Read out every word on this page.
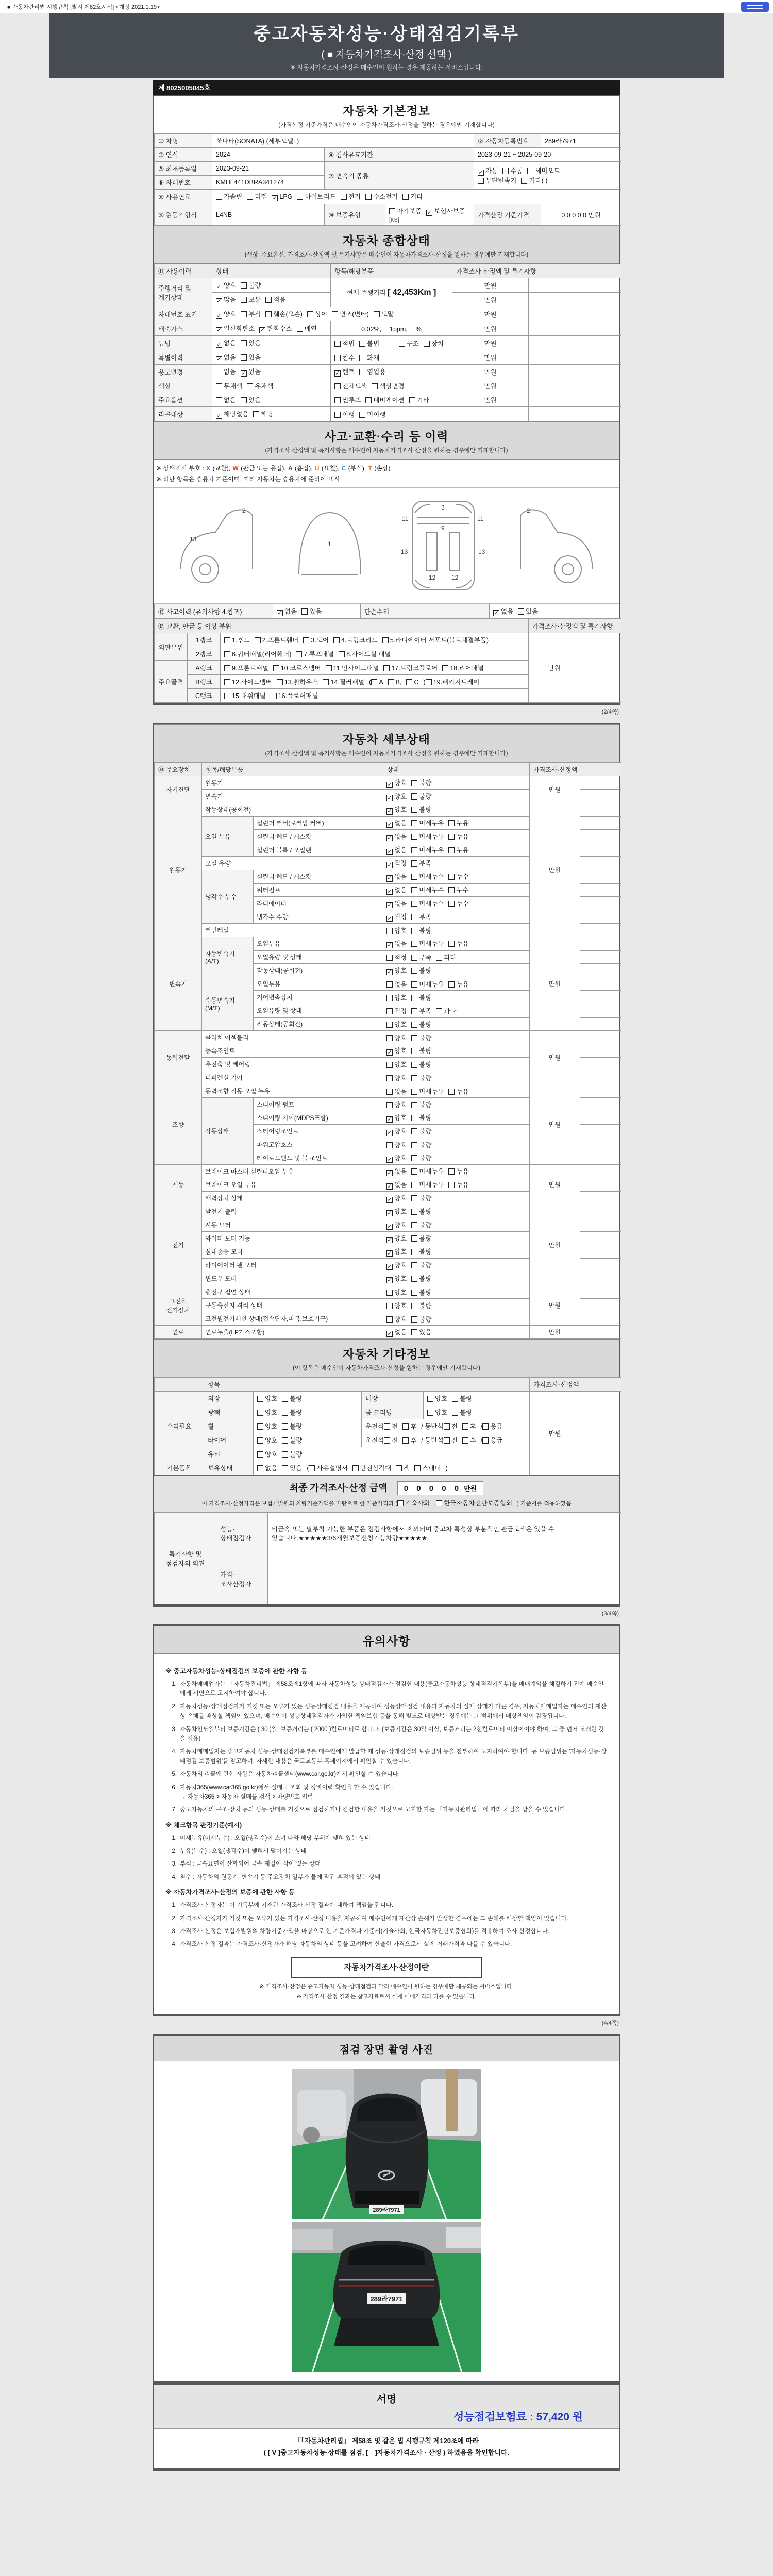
■ 자동차관리법 시행규칙 [별지 제82호서식] <개정 2021.1.19>
중고자동차성능·상태점검기록부
( ■ 자동차가격조사·산정 선택 )
※ 자동차가격조사·산정은 매수인이 원하는 경우 제공하는 서비스입니다.
제 8025005045호
자동차 기본정보
(가격산정 기준가격은 매수인이 자동차가격조사·산정을 원하는 경우에만 기재합니다)
① 차명	쏘나타(SONATA) (세부모델: )			② 자동차등록번호	289라7971
③ 연식	2024	④ 검사유효기간		2023-09-21 ~ 2025-09-20	
⑤ 최초등록일	2023-09-21	⑦ 변속기 종류		✓ 자동 수동 세미오토
무단변속기 기타( )	

⑥ 차대번호	KMHL441DBRA341274				
⑧ 사용연료	가솔린 디젤 ✓ LPG 하이브리드 전기 수소전기 기타				
⑨ 원동기형식	L4NB	⑩ 보증유형	자가보증 ✓ 보험사보증[KB]	가격산정 기준가격	0 0 0 0 0 만원
자동차 종합상태
(색상, 주요옵션, 가격조사·산정액 및 특기사항은 매수인이 자동차가격조사·산정을 원하는 경우에만 기재합니다)
⑪ 사용이력	상태	항목/해당부품	가격조사·산정액 및 특기사항	
주행거리 및 계기상태	✓ 양호 불량	현재 주행거리 [ 42,453Km ]	만원	
	✓ 많음 보통 적음		만원	
차대번호 표기	✓ 양호 부식 훼손(오손) 상이 변조(변타) 도말		만원	
배출가스	✓ 일산화탄소 ✓ 탄화수소 매연	0.02%,　 1ppm,　 %	만원	
튜닝	✓ 없음 있음	적법 불법 구조 장치	만원	
특별이력	✓ 없음 있음	침수 화재	만원	
용도변경	없음 ✓ 있음	✓ 렌트 영업용	만원	
색상	무채색 유채색	전체도색 색상변경	만원	
주요옵션	없음 있음	썬루프 네비게이션 기타	만원	
리콜대상	✓ 해당없음 해당	이행 미이행		
사고·교환·수리 등 이력
(가격조사·산정액 및 특기사항은 매수인이 자동차가격조사·산정을 원하는 경우에만 기재합니다)
※ 상태표시 부호 : X (교환), W (판금 또는 용접), A (흠집), U (요철), C (부식), T (손상)
※ 하단 항목은 승용차 기준이며, 기타 자동차는 승용차에 준하여 표시
2
13
1
3
9
11	11
13	13
12	12
2
⑫ 사고이력 (유의사항 4.참조)	✓ 없음 있음	단순수리	✓ 없음 있음
⑬ 교환, 판금 등 이상 부위			가격조사·산정액 및 특기사항	
외판부위	1랭크	1.후드 2.프론트휀더 3.도어 4.트렁크리드 5.라디에이터 서포트(볼트체결부품)	만원	
	2랭크	6.쿼터패널(리어휀더) 7.루프패널 8.사이드실 패널		
주요골격	A랭크	9.프론트패널 10.크로스멤버 11.인사이드패널 17.트렁크플로어 18.리어패널		
	B랭크	12.사이드멤버 13.휠하우스 14.필러패널 ( A B, C ) 19.패키지트레이		
	C랭크	15.대쉬패널 16.플로어패널		
(2/4쪽)
자동차 세부상태
(가격조사·산정액 및 특기사항은 매수인이 자동차가격조사·산정을 원하는 경우에만 기재합니다)
⑭ 주요장치	항목/해당부품		상태	가격조사·산정액	
자기진단	원동기		✓ 양호 불량	만원	
	변속기		✓ 양호 불량		
원동기	작동상태(공회전)		✓ 양호 불량	만원	
	오일 누유	실린더 커버(로커암 커버)	✓ 없음 미세누유 누유		
		실린더 헤드 / 개스킷	✓ 없음 미세누유 누유		
		실린더 블록 / 오일팬	✓ 없음 미세누유 누유		
	오일 유량		✓ 적정 부족		
	냉각수 누수	실린더 헤드 / 개스킷	✓ 없음 미세누수 누수		
		워터펌프	✓ 없음 미세누수 누수		
		라디에이터	✓ 없음 미세누수 누수		
		냉각수 수량	✓ 적정 부족		
	커먼레일		양호 불량		
변속기	자동변속기 (A/T)	오일누유	✓ 없음 미세누유 누유	만원	
		오일유량 및 상태	적정 부족 과다		
		작동상태(공회전)	✓ 양호 불량		
	수동변속기 (M/T)	오일누유	없음 미세누유 누유		
		기어변속장치	양호 불량		
		오일유량 및 상태	적정 부족 과다		
		작동상태(공회전)	양호 불량		
동력전달	클러치 어셈블리		양호 불량	만원	
	등속조인트		✓ 양호 불량		
	추진축 및 베어링		양호 불량		
	디퍼렌셜 기어		양호 불량		
조향	동력조향 작동 오일 누유		없음 미세누유 누유	만원	
	작동상태	스티어링 펌프	양호 불량		
		스티어링 기어(MDPS포함)	✓ 양호 불량		
		스티어링조인트	✓ 양호 불량		
		파워고압호스	양호 불량		
		타이로드엔드 및 볼 조인트	✓ 양호 불량		
제동	브레이크 마스터 실린더오일 누유		✓ 없음 미세누유 누유	만원	
	브레이크 오일 누유		✓ 없음 미세누유 누유		
	배력장치 상태		✓ 양호 불량		
전기	발전기 출력		✓ 양호 불량	만원	
	시동 모터		✓ 양호 불량		
	와이퍼 모터 기능		✓ 양호 불량		
	실내송풍 모터		✓ 양호 불량		
	라디에이터 팬 모터		✓ 양호 불량		
	윈도우 모터		✓ 양호 불량		
고전원 전기장치	충전구 절연 상태		양호 불량	만원	
	구동축전지 격리 상태		양호 불량		
	고전원전기배선 상태(접속단자,피복,보호기구)		양호 불량		
연료	연료누출(LP가스포함)		✓ 없음 있음	만원	
자동차 기타정보
(이 항목은 매수인이 자동차가격조사·산정을 원하는 경우에만 기재합니다)
	항목				가격조사·산정액	
수리필요	외장	양호 불량	내장	양호 불량	만원	
	광택	양호 불량	룸 크리닝	양호 불량		
	휠	양호 불량	운전석 전 후 / 동반석 전 후 / 응급			
	타이어	양호 불량	운전석 전 후 / 동반석 전 후 / 응급			
	유리	양호 불량				
기본품목	보유상태	없음 있음 ( 사용설명서 안전삼각대 잭 스패너 )				
최종 가격조사·산정 금액 0 0 0 0 0 만원
이 가격조사·산정가격은 보험개발원의 차량기준가액을 바탕으로 한 기준가격과 ( 기술사회 , 한국자동차진단보증협회 ) 기준서를 적용하였음
특기사항 및 점검자의 의견	성능·상태점검자	비금속 또는 탈부착 가능한 부품은 점검사항에서 제외되며 중고차 특성상 부분적인 판금도색은 있을 수 있습니다.★★★★★3/6개월보증신청가능차량★★★★★.
	가격·조사산정자	
(3/4쪽)
유의사항
※ 중고자동차성능·상태점검의 보증에 관한 사항 등
1. 자동차매매업자는 「자동차관리법」 제58조제1항에 따라 자동차성능·상태점검자가 점검한 내용(중고자동차성능·상태점검기록부)을 매매계약을 체결하기 전에 매수인에게 서면으로 고지하여야 합니다.
2. 자동차성능·상태점검자가 거짓 또는 오류가 있는 성능상태점검 내용을 제공하여 성능상태점검 내용과 자동차의 실제 상태가 다른 경우, 자동차매매업자는 매수인의 재산상 손해를 배상할 책임이 있으며, 매수인이 성능상태점검자가 가입한 책임보험 등을 통해 별도로 배상받는 경우에는 그 범위에서 배상책임이 감경됩니다.
3. 자동차인도일부터 보증기간은 ( 30 )일, 보증거리는 ( 2000 )킬로미터로 합니다. (보증기간은 30일 이상, 보증거리는 2천킬로미터 이상이어야 하며, 그 중 먼저 도래한 것을 적용)
4. 자동차매매업자는 중고자동차 성능·상태점검기록부를 매수인에게 발급할 때 성능·상태점검의 보증범위 등을 첨부하여 고지하여야 합니다. 동 보증범위는 '자동차성능·상태점검 보증범위'를 참고하며, 자세한 내용은 국토교통부 홈페이지에서 확인할 수 있습니다.
5. 자동차의 리콜에 관한 사항은 자동차리콜센터(www.car.go.kr)에서 확인할 수 있습니다.
6. 자동차365(www.car365.go.kr)에서 실매물 조회 및 정비이력 확인을 할 수 있습니다.
→ 자동차365 > 자동차 실매물 검색 > 차량번호 입력
7. 중고자동차의 구조·장치 등의 성능·상태를 거짓으로 점검하거나 점검한 내용을 거짓으로 고지한 자는 「자동차관리법」에 따라 처벌을 받을 수 있습니다.
※ 체크항목 판정기준(예시)
1. 미세누유(미세누수) : 오일(냉각수)이 스며 나와 해당 부위에 맺혀 있는 상태
2. 누유(누수) : 오일(냉각수)이 맺혀서 떨어지는 상태
3. 부식 : 금속표면이 산화되어 금속 재질이 삭아 있는 상태
4. 침수 : 자동차의 원동기, 변속기 등 주요장치 일부가 물에 잠긴 흔적이 있는 상태
※ 자동차가격조사·산정의 보증에 관한 사항 등
1. 가격조사·산정자는 이 기록부에 기재된 가격조사·산정 결과에 대하여 책임을 집니다.
2. 가격조사·산정자가 거짓 또는 오류가 있는 가격조사·산정 내용을 제공하여 매수인에게 재산상 손해가 발생한 경우에는 그 손해를 배상할 책임이 있습니다.
3. 가격조사·산정은 보험개발원의 차량기준가액을 바탕으로 한 기준가격과 기준서(기술사회, 한국자동차진단보증협회)를 적용하여 조사·산정합니다.
4. 가격조사·산정 결과는 가격조사·산정자가 해당 자동차의 상태 등을 고려하여 산출한 가격으로서 실제 거래가격과 다를 수 있습니다.
자동차가격조사·산정이란
※ 가격조사·산정은 중고자동차 성능·상태점검과 달리 매수인이 원하는 경우에만 제공되는 서비스입니다.
※ 가격조사·산정 결과는 참고자료로서 실제 매매가격과 다를 수 있습니다.
(4/4쪽)
점검 장면 촬영 사진
289라7971
289라7971
서명
성능점검보험료 : 57,420 원
「「자동차관리법」 제58조 및 같은 법 시행규칙 제120조에 따라
( [ V ]중고자동차성능·상태를 점검, [　]자동차가격조사 · 산정 ) 하였음을 확인합니다.
